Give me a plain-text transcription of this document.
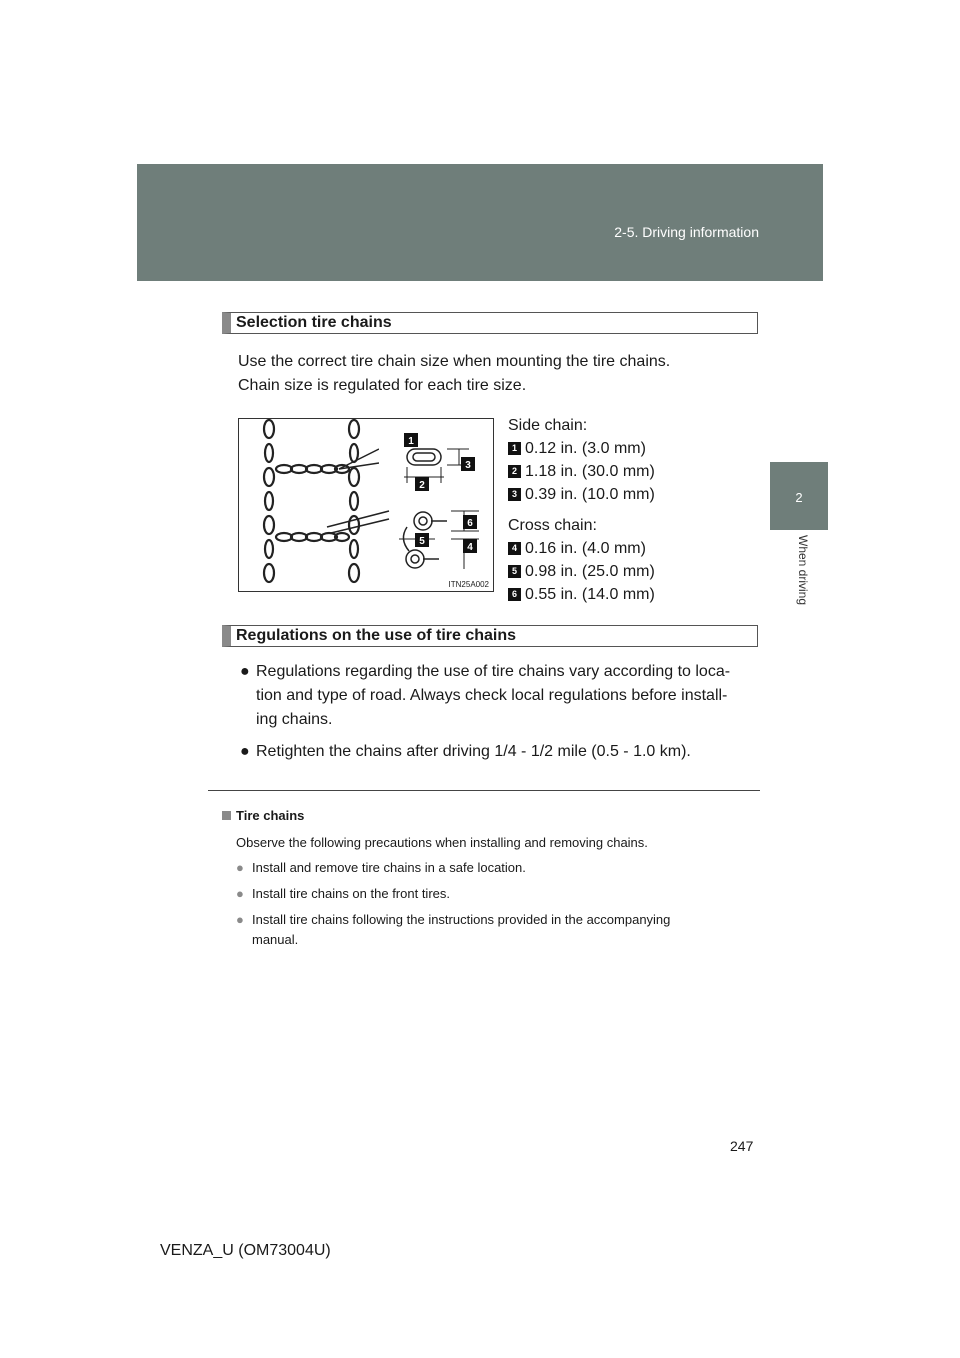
2-5. Driving information
2
When driving
Selection tire chains
Use the correct tire chain size when mounting the tire chains.
Chain size is regulated for each tire size.
1
2
3
4
5
6
ITN25A002
Side chain:
1 0.12 in. (3.0 mm)
2 1.18 in. (30.0 mm)
3 0.39 in. (10.0 mm)
Cross chain:
4 0.16 in. (4.0 mm)
5 0.98 in. (25.0 mm)
6 0.55 in. (14.0 mm)
Regulations on the use of tire chains
● Regulations regarding the use of tire chains vary according to loca-
tion and type of road. Always check local regulations before install-
ing chains.
● Retighten the chains after driving 1/4 - 1/2 mile (0.5 - 1.0 km).
Tire chains
Observe the following precautions when installing and removing chains.
● Install and remove tire chains in a safe location.
● Install tire chains on the front tires.
● Install tire chains following the instructions provided in the accompanying
manual.
247
VENZA_U (OM73004U)
